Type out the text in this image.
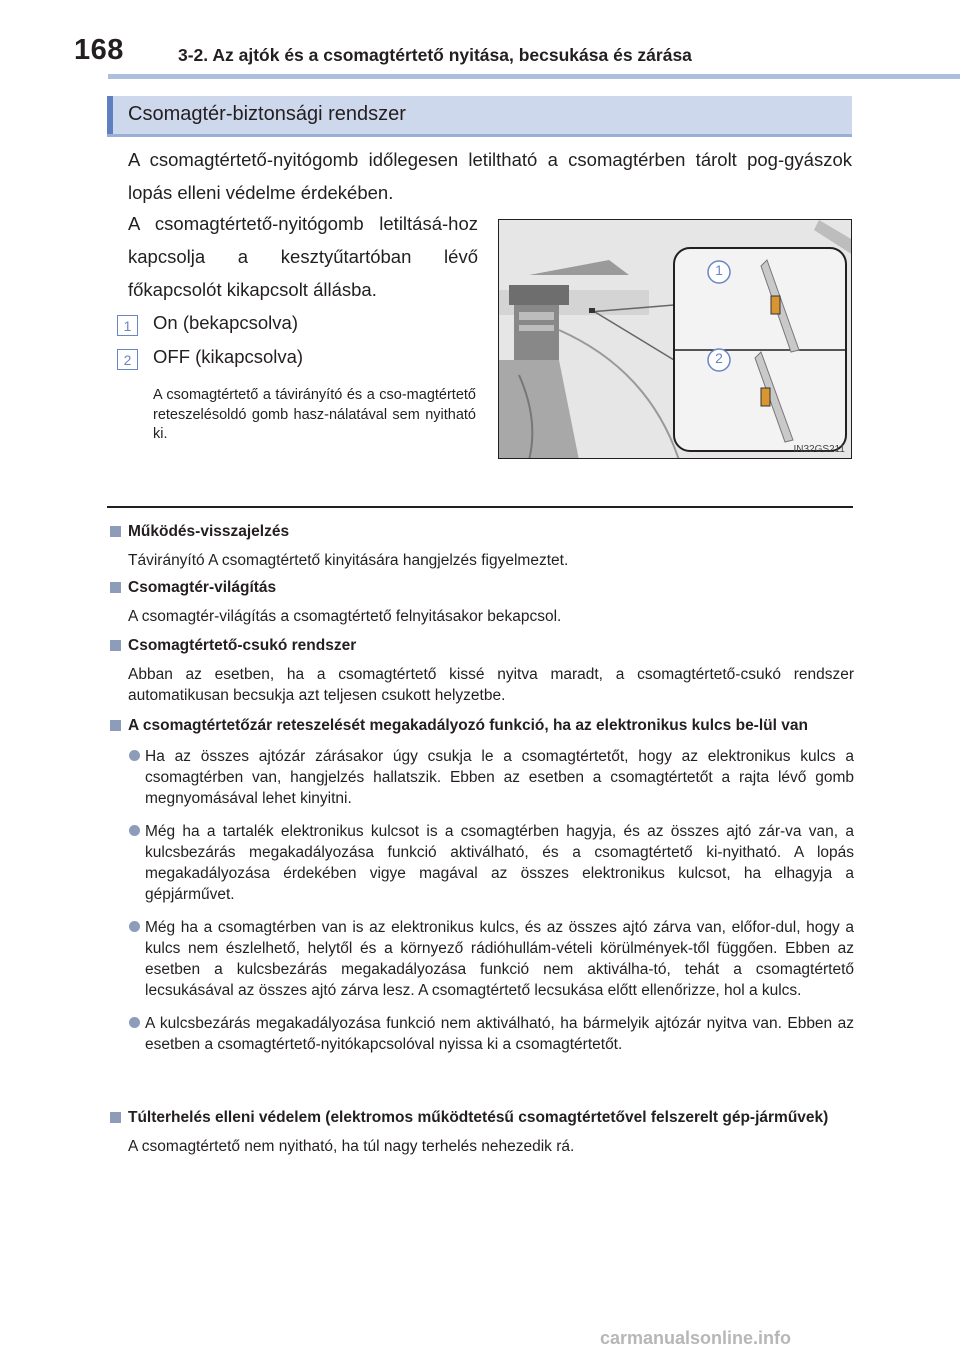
168	3-2. Az ajtók és a csomagtértető nyitása, becsukása és zárása
Csomagtér-biztonsági rendszer

A csomagtértető-nyitógomb időlegesen letiltható a csomagtérben tárolt pog-gyászok lopás elleni védelme érdekében.

A csomagtértető-nyitógomb letiltásá-hoz kapcsolja a kesztyűtartóban lévő főkapcsolót kikapcsolt állásba.

1	On (bekapcsolva)
2	OFF (kikapcsolva)

A csomagtértető a távirányító és a cso-magtértető reteszelésoldó gomb hasz-nálatával sem nyitható ki.

1
2
IN32GS211
Működés-visszajelzés
Távirányító A csomagtértető kinyitására hangjelzés figyelmeztet.
Csomagtér-világítás
A csomagtér-világítás a csomagtértető felnyitásakor bekapcsol.
Csomagtértető-csukó rendszer
Abban az esetben, ha a csomagtértető kissé nyitva maradt, a csomagtértető-csukó rendszer automatikusan becsukja azt teljesen csukott helyzetbe.
A csomagtértetőzár reteszelését megakadályozó funkció, ha az elektronikus kulcs be-lül van
Ha az összes ajtózár zárásakor úgy csukja le a csomagtértetőt, hogy az elektronikus kulcs a csomagtérben van, hangjelzés hallatszik. Ebben az esetben a csomagtértetőt a rajta lévő gomb megnyomásával lehet kinyitni.
Még ha a tartalék elektronikus kulcsot is a csomagtérben hagyja, és az összes ajtó zár-va van, a kulcsbezárás megakadályozása funkció aktiválható, és a csomagtértető ki-nyitható. A lopás megakadályozása érdekében vigye magával az összes elektronikus kulcsot, ha elhagyja a gépjárművet.
Még ha a csomagtérben van is az elektronikus kulcs, és az összes ajtó zárva van, előfor-dul, hogy a kulcs nem észlelhető, helytől és a környező rádióhullám-vételi körülmények-től függően. Ebben az esetben a kulcsbezárás megakadályozása funkció nem aktiválha-tó, tehát a csomagtértető lecsukásával az összes ajtó zárva lesz. A csomagtértető lecsukása előtt ellenőrizze, hol a kulcs.
A kulcsbezárás megakadályozása funkció nem aktiválható, ha bármelyik ajtózár nyitva van. Ebben az esetben a csomagtértető-nyitókapcsolóval nyissa ki a csomagtértetőt.
Túlterhelés elleni védelem (elektromos működtetésű csomagtértetővel felszerelt gép-járművek)
A csomagtértető nem nyitható, ha túl nagy terhelés nehezedik rá.
carmanualsonline.info
